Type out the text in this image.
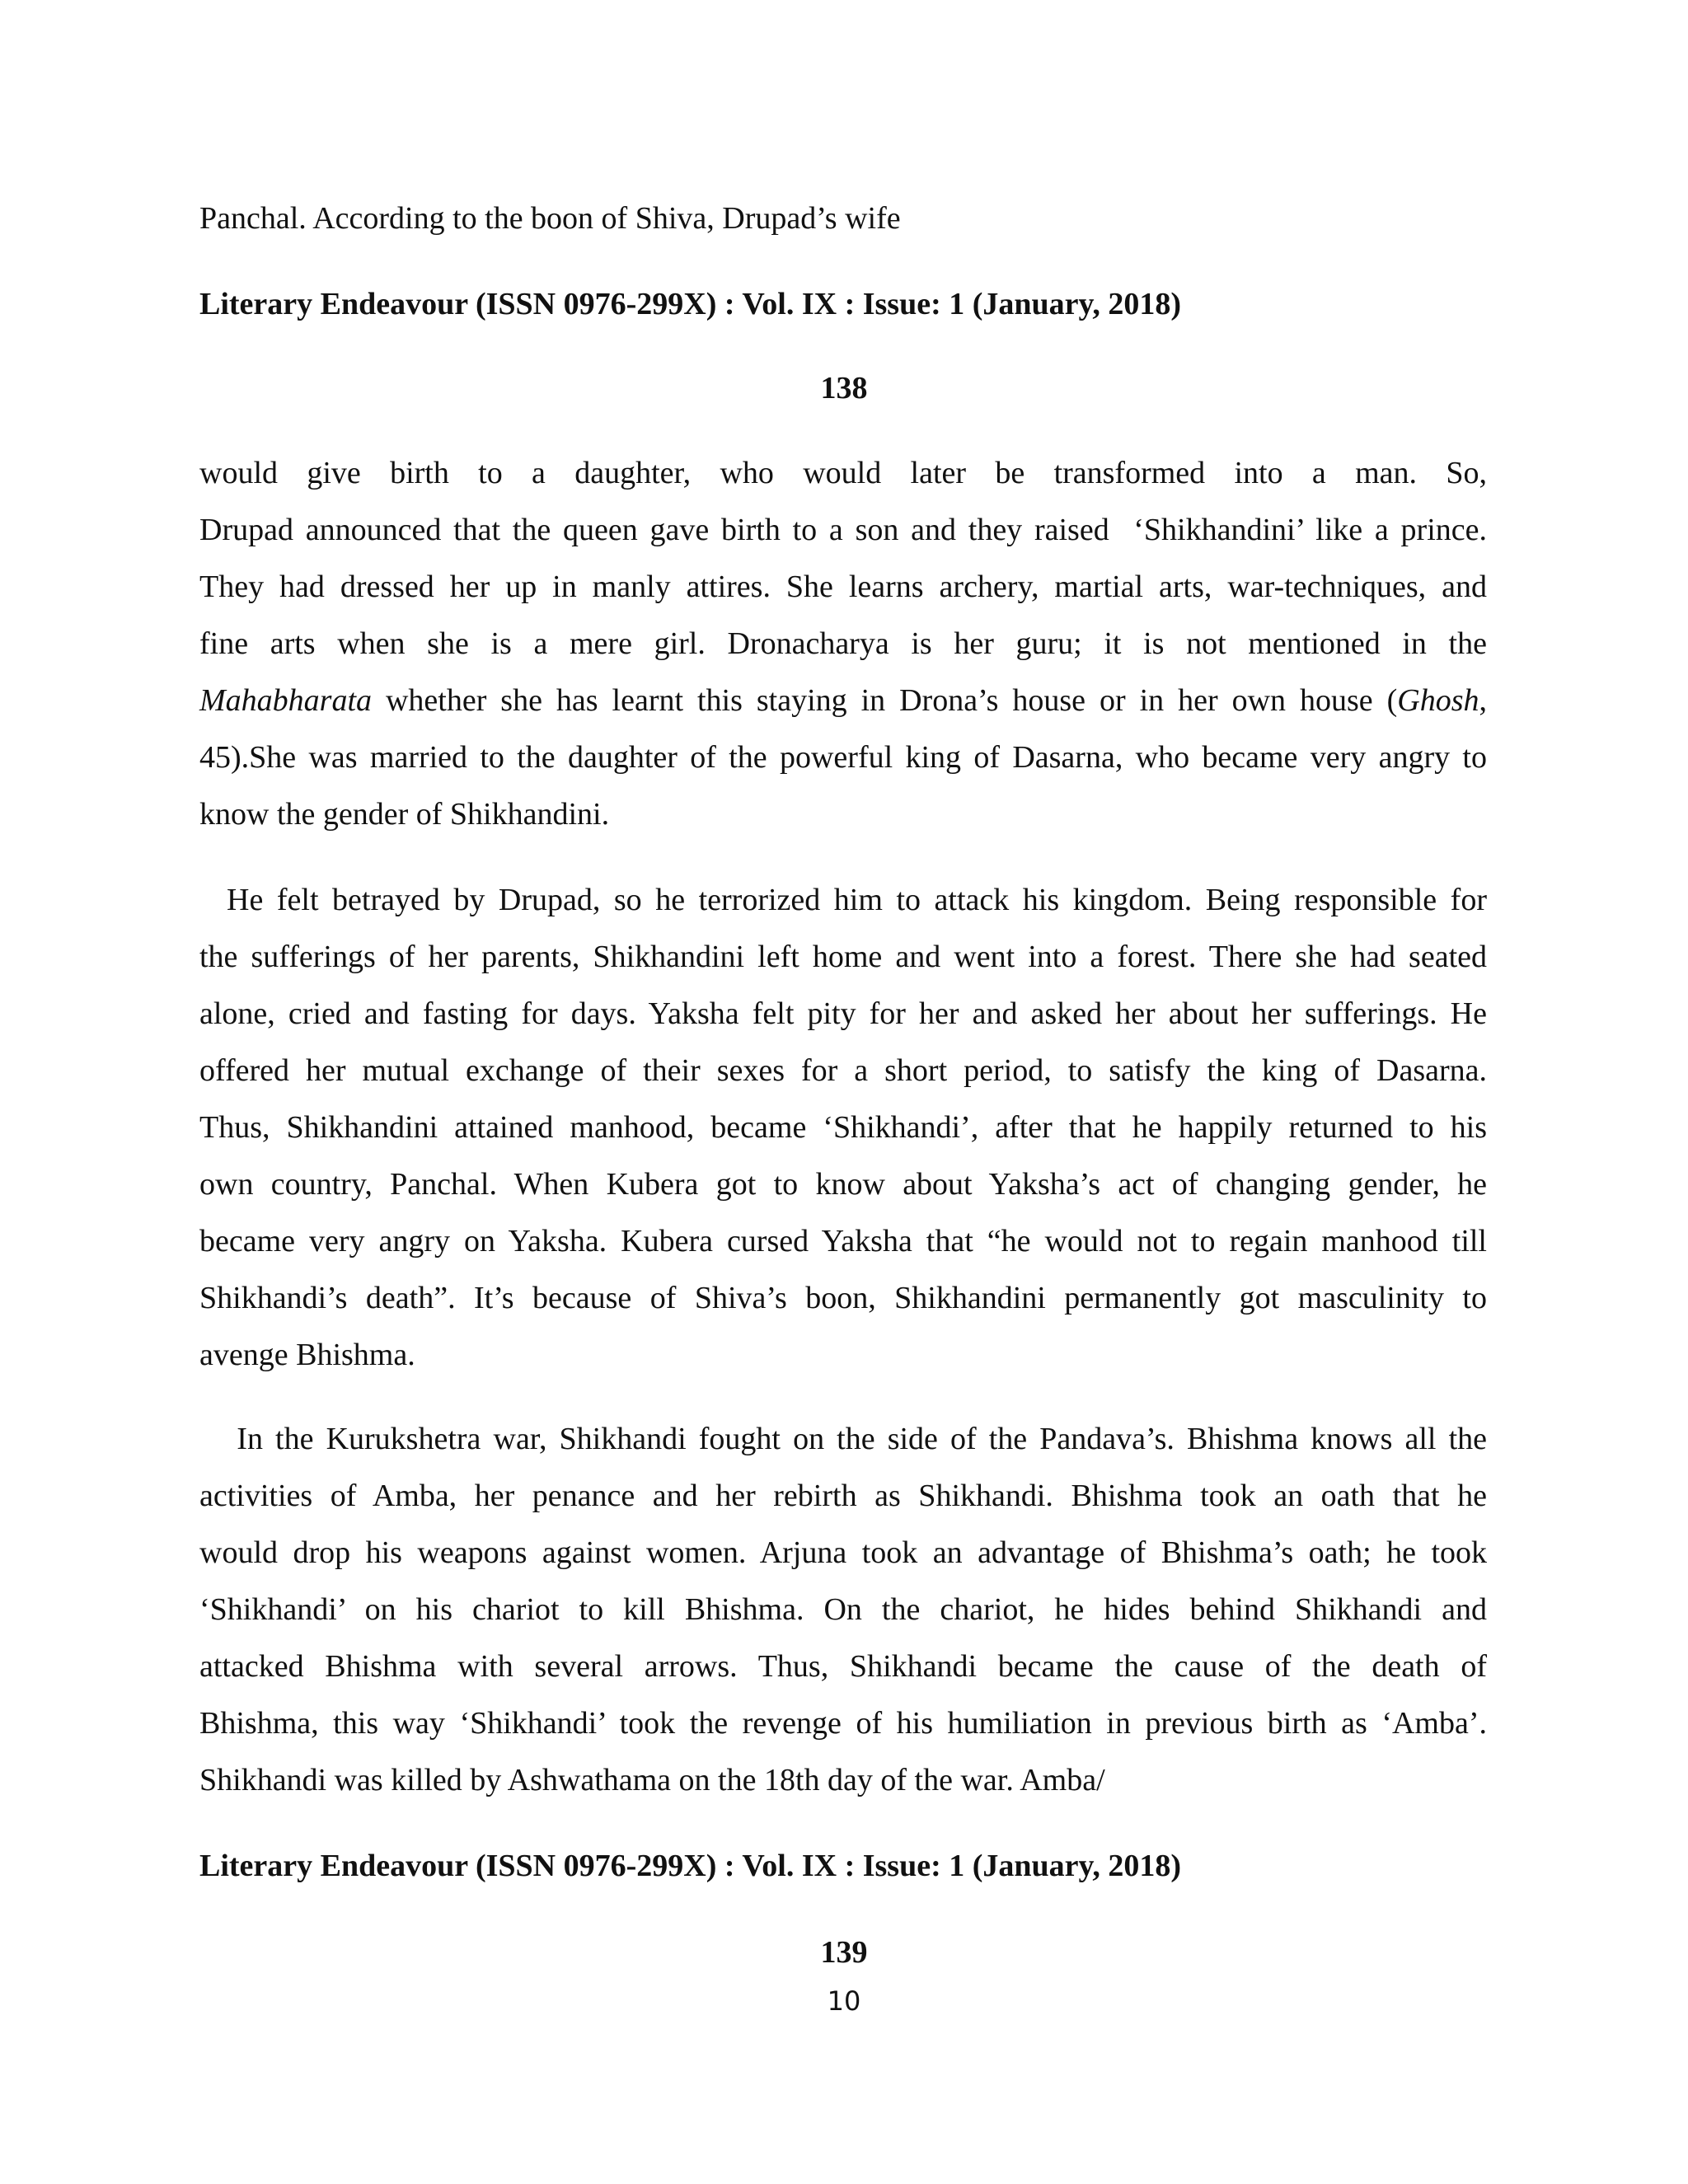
Panchal. According to the boon of Shiva, Drupad’s wife

Literary Endeavour (ISSN 0976-299X) : Vol. IX : Issue: 1 (January, 2018)

138

would give birth to a daughter, who would later be transformed into a man. So,
Drupad announced that the queen gave birth to a son and they raised  ‘Shikhandini’ like a prince.
They had dressed her up in manly attires. She learns archery, martial arts, war-techniques, and
fine arts when she is a mere girl. Dronacharya is her guru; it is not mentioned in the
Mahabharata whether she has learnt this staying in Drona’s house or in her own house (Ghosh,
45).She was married to the daughter of the powerful king of Dasarna, who became very angry to
know the gender of Shikhandini.
He felt betrayed by Drupad, so he terrorized him to attack his kingdom. Being responsible for
the sufferings of her parents, Shikhandini left home and went into a forest. There she had seated
alone, cried and fasting for days. Yaksha felt pity for her and asked her about her sufferings. He
offered her mutual exchange of their sexes for a short period, to satisfy the king of Dasarna.
Thus, Shikhandini attained manhood, became ‘Shikhandi’, after that he happily returned to his
own country, Panchal. When Kubera got to know about Yaksha’s act of changing gender, he
became very angry on Yaksha. Kubera cursed Yaksha that “he would not to regain manhood till
Shikhandi’s death”. It’s because of Shiva’s boon, Shikhandini permanently got masculinity to
avenge Bhishma.
In the Kurukshetra war, Shikhandi fought on the side of the Pandava’s. Bhishma knows all the
activities of Amba, her penance and her rebirth as Shikhandi. Bhishma took an oath that he
would drop his weapons against women. Arjuna took an advantage of Bhishma’s oath; he took
‘Shikhandi’ on his chariot to kill Bhishma. On the chariot, he hides behind Shikhandi and
attacked Bhishma with several arrows. Thus, Shikhandi became the cause of the death of
Bhishma, this way ‘Shikhandi’ took the revenge of his humiliation in previous birth as ‘Amba’.
Shikhandi was killed by Ashwathama on the 18th day of the war. Amba/

Literary Endeavour (ISSN 0976-299X) : Vol. IX : Issue: 1 (January, 2018)

139

10
